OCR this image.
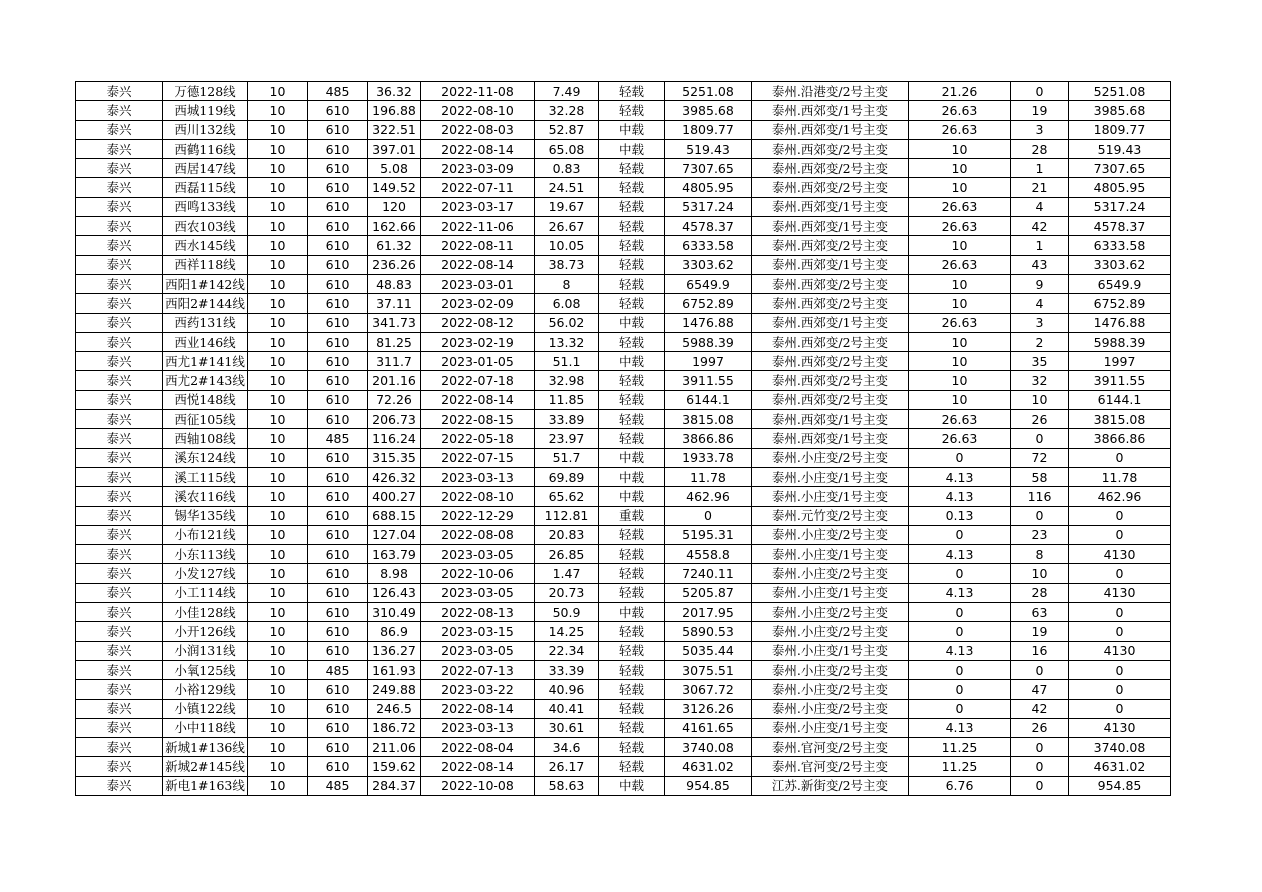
泰兴	万德128线	10	485	36.32	2022-11-08	7.49	轻载	5251.08	泰州.沿港变/2号主变	21.26	0	5251.08
泰兴	西城119线	10	610	196.88	2022-08-10	32.28	轻载	3985.68	泰州.西郊变/1号主变	26.63	19	3985.68
泰兴	西川132线	10	610	322.51	2022-08-03	52.87	中载	1809.77	泰州.西郊变/1号主变	26.63	3	1809.77
泰兴	西鹤116线	10	610	397.01	2022-08-14	65.08	中载	519.43	泰州.西郊变/2号主变	10	28	519.43
泰兴	西居147线	10	610	5.08	2023-03-09	0.83	轻载	7307.65	泰州.西郊变/2号主变	10	1	7307.65
泰兴	西磊115线	10	610	149.52	2022-07-11	24.51	轻载	4805.95	泰州.西郊变/2号主变	10	21	4805.95
泰兴	西鸣133线	10	610	120	2023-03-17	19.67	轻载	5317.24	泰州.西郊变/1号主变	26.63	4	5317.24
泰兴	西农103线	10	610	162.66	2022-11-06	26.67	轻载	4578.37	泰州.西郊变/1号主变	26.63	42	4578.37
泰兴	西水145线	10	610	61.32	2022-08-11	10.05	轻载	6333.58	泰州.西郊变/2号主变	10	1	6333.58
泰兴	西祥118线	10	610	236.26	2022-08-14	38.73	轻载	3303.62	泰州.西郊变/1号主变	26.63	43	3303.62
泰兴	西阳1#142线	10	610	48.83	2023-03-01	8	轻载	6549.9	泰州.西郊变/2号主变	10	9	6549.9
泰兴	西阳2#144线	10	610	37.11	2023-02-09	6.08	轻载	6752.89	泰州.西郊变/2号主变	10	4	6752.89
泰兴	西药131线	10	610	341.73	2022-08-12	56.02	中载	1476.88	泰州.西郊变/1号主变	26.63	3	1476.88
泰兴	西业146线	10	610	81.25	2023-02-19	13.32	轻载	5988.39	泰州.西郊变/2号主变	10	2	5988.39
泰兴	西尤1#141线	10	610	311.7	2023-01-05	51.1	中载	1997	泰州.西郊变/2号主变	10	35	1997
泰兴	西尤2#143线	10	610	201.16	2022-07-18	32.98	轻载	3911.55	泰州.西郊变/2号主变	10	32	3911.55
泰兴	西悦148线	10	610	72.26	2022-08-14	11.85	轻载	6144.1	泰州.西郊变/2号主变	10	10	6144.1
泰兴	西征105线	10	610	206.73	2022-08-15	33.89	轻载	3815.08	泰州.西郊变/1号主变	26.63	26	3815.08
泰兴	西轴108线	10	485	116.24	2022-05-18	23.97	轻载	3866.86	泰州.西郊变/1号主变	26.63	0	3866.86
泰兴	溪东124线	10	610	315.35	2022-07-15	51.7	中载	1933.78	泰州.小庄变/2号主变	0	72	0
泰兴	溪工115线	10	610	426.32	2023-03-13	69.89	中载	11.78	泰州.小庄变/1号主变	4.13	58	11.78
泰兴	溪农116线	10	610	400.27	2022-08-10	65.62	中载	462.96	泰州.小庄变/1号主变	4.13	116	462.96
泰兴	锡华135线	10	610	688.15	2022-12-29	112.81	重载	0	泰州.元竹变/2号主变	0.13	0	0
泰兴	小布121线	10	610	127.04	2022-08-08	20.83	轻载	5195.31	泰州.小庄变/2号主变	0	23	0
泰兴	小东113线	10	610	163.79	2023-03-05	26.85	轻载	4558.8	泰州.小庄变/1号主变	4.13	8	4130
泰兴	小发127线	10	610	8.98	2022-10-06	1.47	轻载	7240.11	泰州.小庄变/2号主变	0	10	0
泰兴	小工114线	10	610	126.43	2023-03-05	20.73	轻载	5205.87	泰州.小庄变/1号主变	4.13	28	4130
泰兴	小佳128线	10	610	310.49	2022-08-13	50.9	中载	2017.95	泰州.小庄变/2号主变	0	63	0
泰兴	小开126线	10	610	86.9	2023-03-15	14.25	轻载	5890.53	泰州.小庄变/2号主变	0	19	0
泰兴	小润131线	10	610	136.27	2023-03-05	22.34	轻载	5035.44	泰州.小庄变/1号主变	4.13	16	4130
泰兴	小氧125线	10	485	161.93	2022-07-13	33.39	轻载	3075.51	泰州.小庄变/2号主变	0	0	0
泰兴	小裕129线	10	610	249.88	2023-03-22	40.96	轻载	3067.72	泰州.小庄变/2号主变	0	47	0
泰兴	小镇122线	10	610	246.5	2022-08-14	40.41	轻载	3126.26	泰州.小庄变/2号主变	0	42	0
泰兴	小中118线	10	610	186.72	2023-03-13	30.61	轻载	4161.65	泰州.小庄变/1号主变	4.13	26	4130
泰兴	新城1#136线	10	610	211.06	2022-08-04	34.6	轻载	3740.08	泰州.官河变/2号主变	11.25	0	3740.08
泰兴	新城2#145线	10	610	159.62	2022-08-14	26.17	轻载	4631.02	泰州.官河变/2号主变	11.25	0	4631.02
泰兴	新电1#163线	10	485	284.37	2022-10-08	58.63	中载	954.85	江苏.新街变/2号主变	6.76	0	954.85
